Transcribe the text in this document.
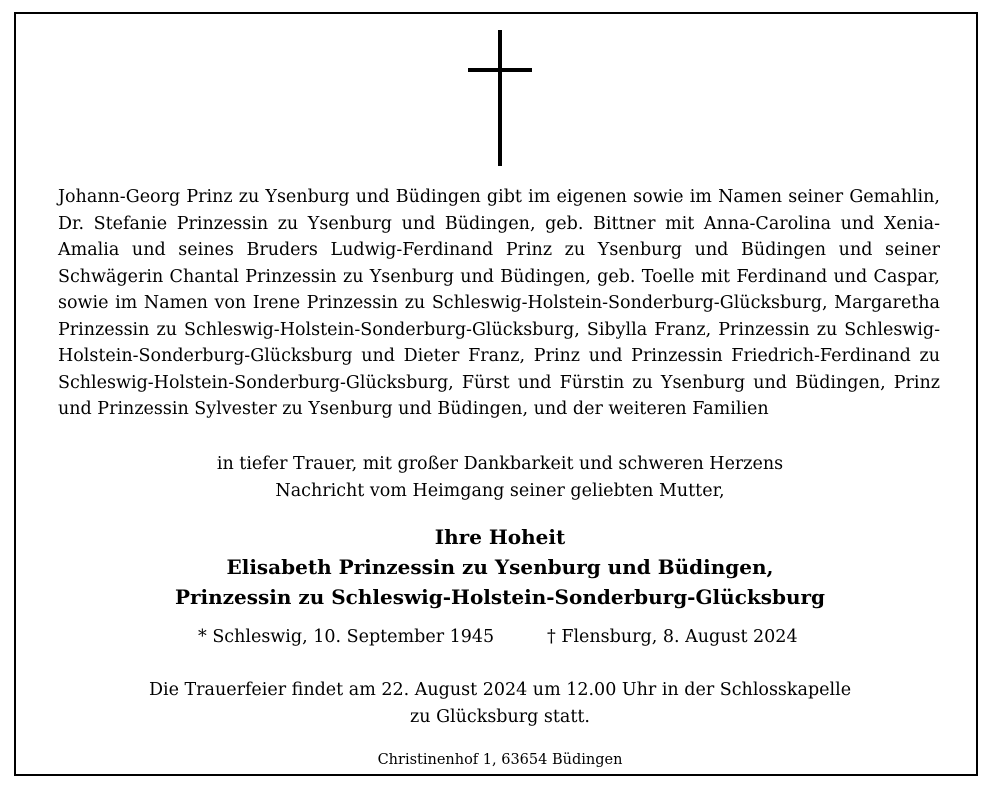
Johann-Georg Prinz zu Ysenburg und Büdingen gibt im eigenen sowie im Namen seiner Gemahlin, Dr. Stefanie Prinzessin zu Ysenburg und Büdingen, geb. Bittner mit Anna-Carolina und Xenia-Amalia und seines Bruders Ludwig-Ferdinand Prinz zu Ysenburg und Büdingen und seiner Schwägerin Chantal Prinzessin zu Ysenburg und Büdingen, geb. Toelle mit Ferdinand und Caspar, sowie im Namen von Irene Prinzessin zu Schleswig-Holstein-Sonderburg-Glücksburg, Margaretha Prinzessin zu Schleswig-Holstein-Sonderburg-Glücksburg, Sibylla Franz, Prinzessin zu Schleswig-Holstein-Sonderburg-Glücksburg und Dieter Franz, Prinz und Prinzessin Friedrich-Ferdinand zu Schleswig-Holstein-Sonderburg-Glücksburg, Fürst und Fürstin zu Ysenburg und Büdingen, Prinz und Prinzessin Sylvester zu Ysenburg und Büdingen, und der weiteren Familien

in tiefer Trauer, mit großer Dankbarkeit und schweren Herzens
Nachricht vom Heimgang seiner geliebten Mutter,
Ihre Hoheit
Elisabeth Prinzessin zu Ysenburg und Büdingen,
Prinzessin zu Schleswig-Holstein-Sonderburg-Glücksburg
* Schleswig, 10. September 1945	† Flensburg, 8. August 2024
Die Trauerfeier findet am 22. August 2024 um 12.00 Uhr in der Schlosskapelle
zu Glücksburg statt.
Christinenhof 1, 63654 Büdingen
